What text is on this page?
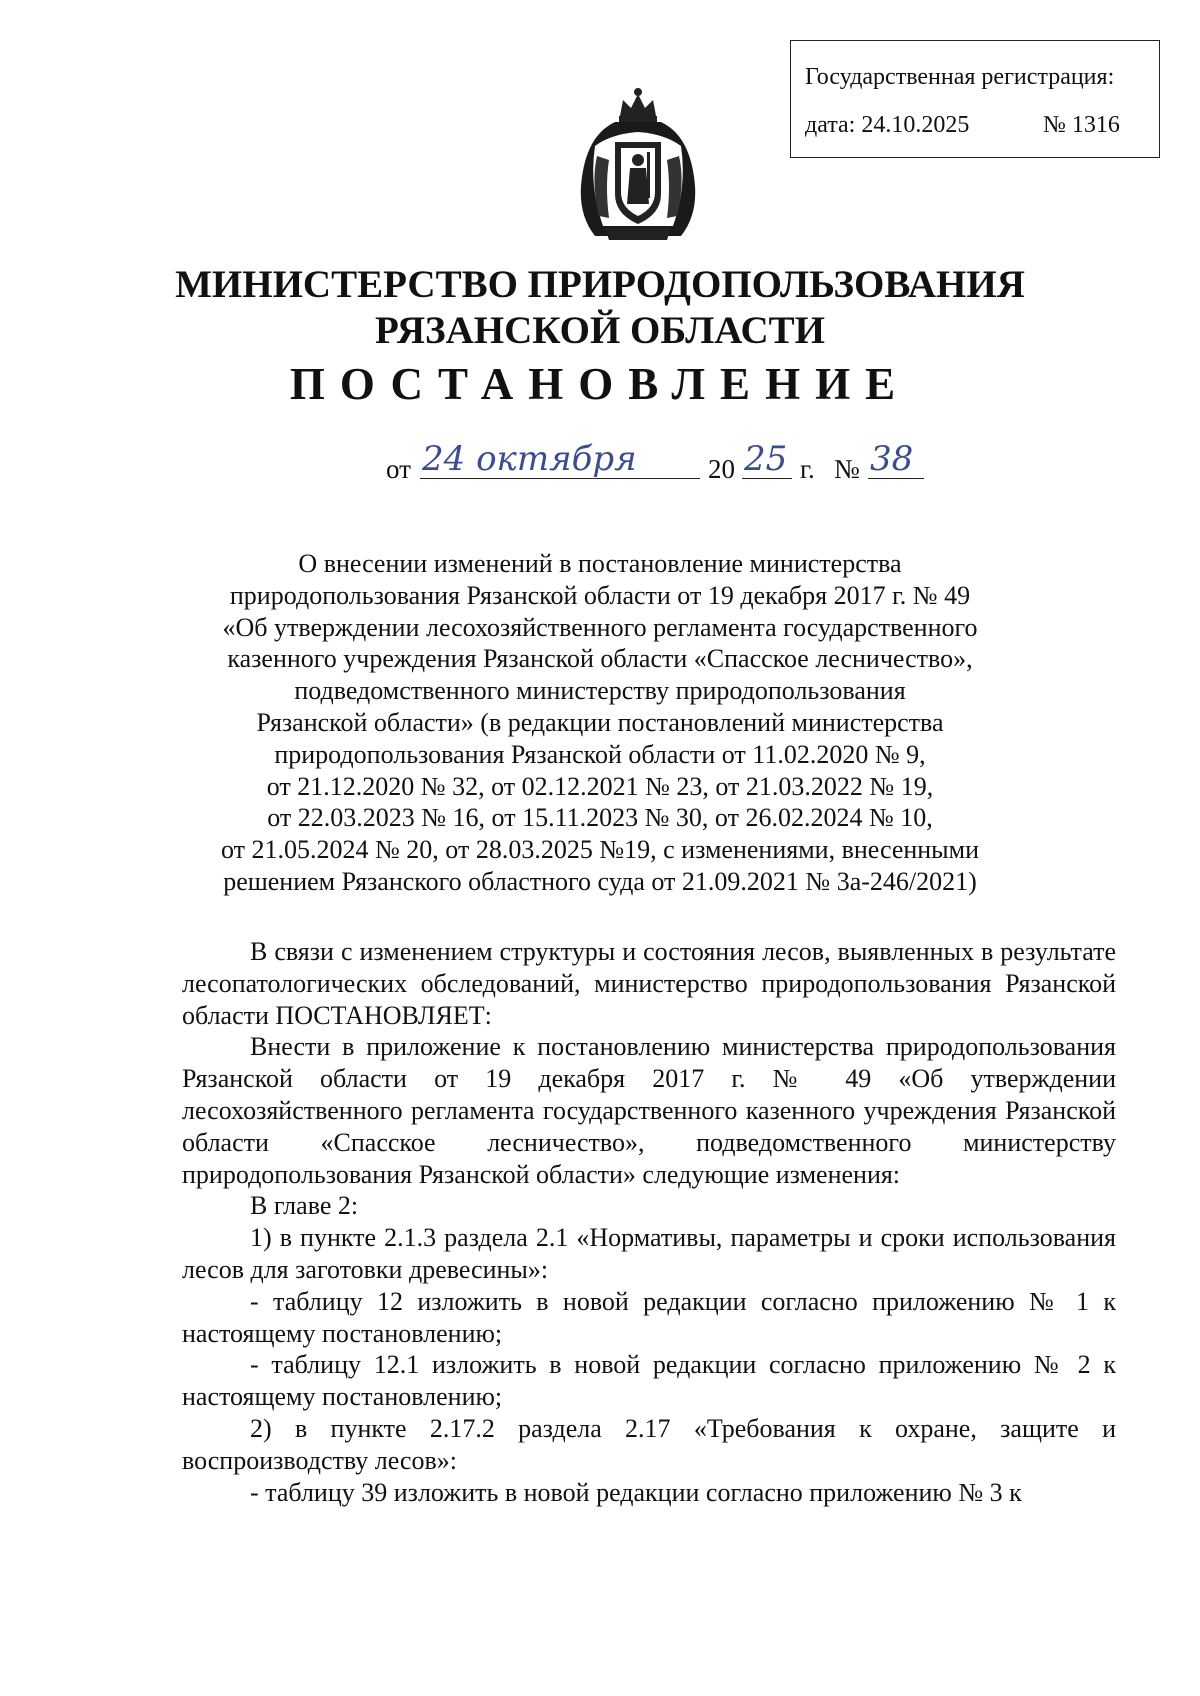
Государственная регистрация:
дата: 24.10.2025	№ 1316
МИНИСТЕРСТВО ПРИРОДОПОЛЬЗОВАНИЯ
РЯЗАНСКОЙ ОБЛАСТИ
ПОСТАНОВЛЕНИЕ
от 24 октября	20 25 г. № 38
О внесении изменений в постановление министерства
природопользования Рязанской области от 19 декабря 2017 г. № 49
«Об утверждении лесохозяйственного регламента государственного
казенного учреждения Рязанской области «Спасское лесничество»,
подведомственного министерству природопользования
Рязанской области» (в редакции постановлений министерства
природопользования Рязанской области от 11.02.2020 № 9,
от 21.12.2020 № 32, от 02.12.2021 № 23, от 21.03.2022 № 19,
от 22.03.2023 № 16, от 15.11.2023 № 30, от 26.02.2024 № 10,
от 21.05.2024 № 20, от 28.03.2025 №19, с изменениями, внесенными
решением Рязанского областного суда от 21.09.2021 № 3а-246/2021)

В связи с изменением структуры и состояния лесов, выявленных в результате лесопатологических обследований, министерство природопользования Рязанской области ПОСТАНОВЛЯЕТ:

Внести в приложение к постановлению министерства природопользования Рязанской области от 19 декабря 2017 г. № 49 «Об утверждении лесохозяйственного регламента государственного казенного учреждения Рязанской области «Спасское лесничество», подведомственного министерству природопользования Рязанской области» следующие изменения:

В главе 2:

1) в пункте 2.1.3 раздела 2.1 «Нормативы, параметры и сроки использования лесов для заготовки древесины»:

- таблицу 12 изложить в новой редакции согласно приложению № 1 к настоящему постановлению;

- таблицу 12.1 изложить в новой редакции согласно приложению № 2 к настоящему постановлению;

2) в пункте 2.17.2 раздела 2.17 «Требования к охране, защите и воспроизводству лесов»:

- таблицу 39 изложить в новой редакции согласно приложению № 3 к
